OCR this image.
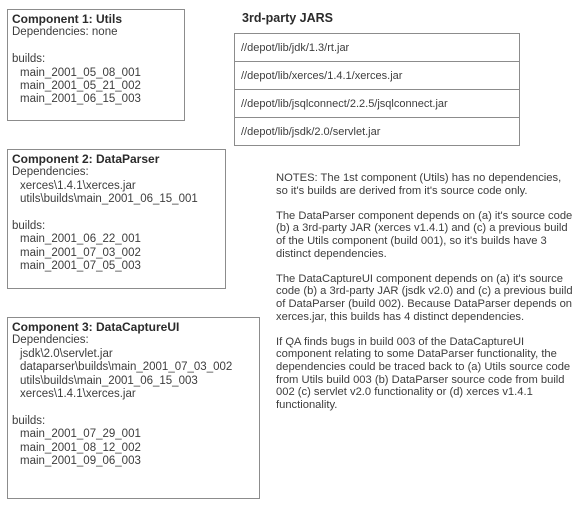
Component 1: Utils
Dependencies: none
builds:
main_2001_05_08_001
main_2001_05_21_002
main_2001_06_15_003
Component 2: DataParser
Dependencies:
xerces\1.4.1\xerces.jar
utils\builds\main_2001_06_15_001
builds:
main_2001_06_22_001
main_2001_07_03_002
main_2001_07_05_003
Component 3: DataCaptureUI
Dependencies:
jsdk\2.0\servlet.jar
dataparser\builds\main_2001_07_03_002
utils\builds\main_2001_06_15_003
xerces\1.4.1\xerces.jar
builds:
main_2001_07_29_001
main_2001_08_12_002
main_2001_09_06_003
3rd-party JARS
//depot/lib/jdk/1.3/rt.jar
//depot/lib/xerces/1.4.1/xerces.jar
//depot/lib/jsqlconnect/2.2.5/jsqlconnect.jar
//depot/lib/jsdk/2.0/servlet.jar

NOTES: The 1st component (Utils) has no dependencies, so it's builds are derived from it's source code only.

The DataParser component depends on (a) it's source code (b) a 3rd-party JAR (xerces v1.4.1) and (c) a previous build of the Utils component (build 001), so it's builds have 3 distinct dependencies.

The DataCaptureUI component depends on (a) it's source code (b) a 3rd-party JAR (jsdk v2.0) and (c) a previous build of DataParser (build 002). Because DataParser depends on xerces.jar, this builds has 4 distinct dependencies.

If QA finds bugs in build 003 of the DataCaptureUI component relating to some DataParser functionality, the dependencies could be traced back to (a) Utils source code from Utils build 003 (b) DataParser source code from build 002 (c) servlet v2.0 functionality or (d) xerces v1.4.1 functionality.
